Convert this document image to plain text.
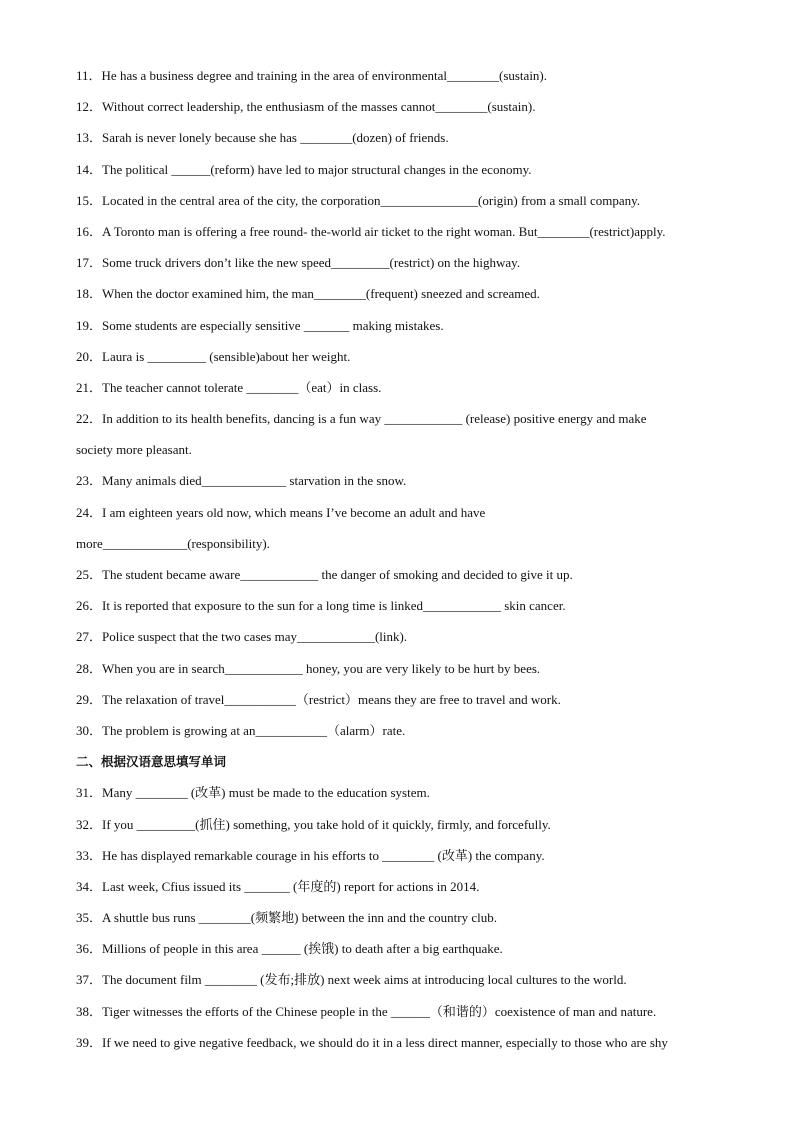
11．He has a business degree and training in the area of environmental________(sustain).
12．Without correct leadership, the enthusiasm of the masses cannot________(sustain).
13．Sarah is never lonely because she has ________(dozen) of friends.
14．The political ______(reform) have led to major structural changes in the economy.
15．Located in the central area of the city, the corporation_______________(origin) from a small company.
16．A Toronto man is offering a free round- the-world air ticket to the right woman. But________(restrict)apply.
17．Some truck drivers don’t like the new speed_________(restrict) on the highway.
18．When the doctor examined him, the man________(frequent) sneezed and screamed.
19．Some students are especially sensitive _______ making mistakes.
20．Laura is _________ (sensible)about her weight.
21．The teacher cannot tolerate ________（eat）in class.
22．In addition to its health benefits, dancing is a fun way ____________ (release) positive energy and make
society more pleasant.
23．Many animals died_____________ starvation in the snow.
24．I am eighteen years old now, which means I’ve become an adult and have
more_____________(responsibility).
25．The student became aware____________ the danger of smoking and decided to give it up.
26．It is reported that exposure to the sun for a long time is linked____________ skin cancer.
27．Police suspect that the two cases may____________(link).
28．When you are in search____________ honey, you are very likely to be hurt by bees.
29．The relaxation of travel___________（restrict）means they are free to travel and work.
30．The problem is growing at an___________（alarm）rate.
二、根据汉语意思填写单词
31．Many ________ (改革) must be made to the education system.
32．If you _________(抓住) something, you take hold of it quickly, firmly, and forcefully.
33．He has displayed remarkable courage in his efforts to ________ (改革) the company.
34．Last week, Cfius issued its _______ (年度的) report for actions in 2014.
35．A shuttle bus runs ________(频繁地) between the inn and the country club.
36．Millions of people in this area ______ (挨饿) to death after a big earthquake.
37．The document film ________ (发布;排放) next week aims at introducing local cultures to the world.
38．Tiger witnesses the efforts of the Chinese people in the ______（和谐的）coexistence of man and nature.
39．If we need to give negative feedback, we should do it in a less direct manner, especially to those who are shy
